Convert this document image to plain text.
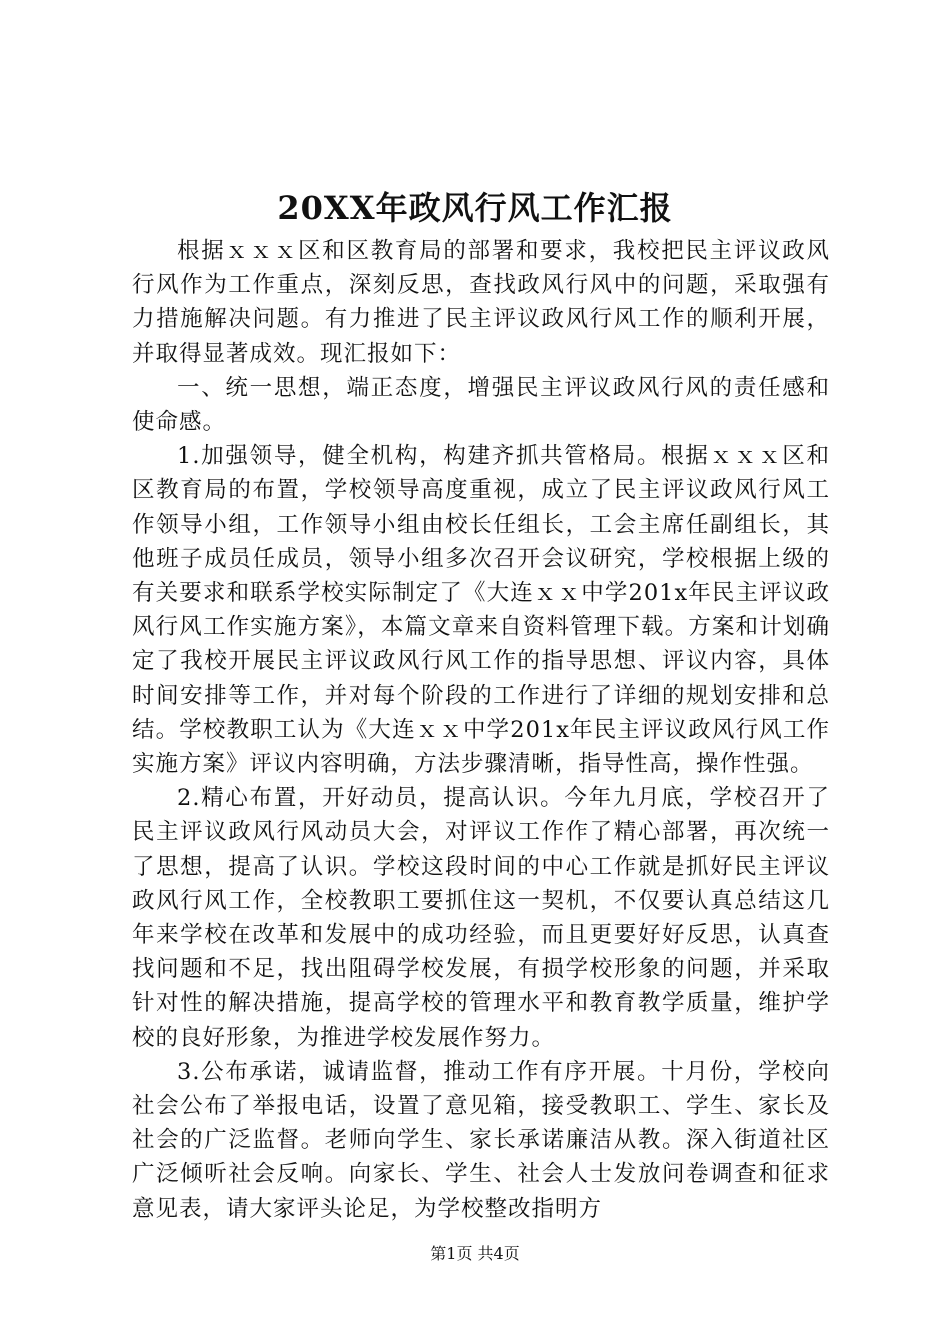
20XX年政风行风工作汇报

根据ｘｘｘ区和区教育局的部署和要求，我校把民主评议政风行风作为工作重点，深刻反思，查找政风行风中的问题，采取强有力措施解决问题。有力推进了民主评议政风行风工作的顺利开展，并取得显著成效。现汇报如下：

一、统一思想，端正态度，增强民主评议政风行风的责任感和使命感。

1.加强领导，健全机构，构建齐抓共管格局。根据ｘｘｘ区和区教育局的布置，学校领导高度重视，成立了民主评议政风行风工作领导小组，工作领导小组由校长任组长，工会主席任副组长，其他班子成员任成员，领导小组多次召开会议研究，学校根据上级的有关要求和联系学校实际制定了《大连ｘｘ中学201x年民主评议政风行风工作实施方案》，本篇文章来自资料管理下载。方案和计划确定了我校开展民主评议政风行风工作的指导思想、评议内容，具体时间安排等工作，并对每个阶段的工作进行了详细的规划安排和总结。学校教职工认为《大连ｘｘ中学201x年民主评议政风行风工作实施方案》评议内容明确，方法步骤清晰，指导性高，操作性强。

2.精心布置，开好动员，提高认识。今年九月底，学校召开了民主评议政风行风动员大会，对评议工作作了精心部署，再次统一了思想，提高了认识。学校这段时间的中心工作就是抓好民主评议政风行风工作，全校教职工要抓住这一契机，不仅要认真总结这几年来学校在改革和发展中的成功经验，而且更要好好反思，认真查找问题和不足，找出阻碍学校发展，有损学校形象的问题，并采取针对性的解决措施，提高学校的管理水平和教育教学质量，维护学校的良好形象，为推进学校发展作努力。

3.公布承诺，诚请监督，推动工作有序开展。十月份，学校向社会公布了举报电话，设置了意见箱，接受教职工、学生、家长及社会的广泛监督。老师向学生、家长承诺廉洁从教。深入街道社区广泛倾听社会反响。向家长、学生、社会人士发放问卷调查和征求意见表，请大家评头论足，为学校整改指明方

第1页 共4页
